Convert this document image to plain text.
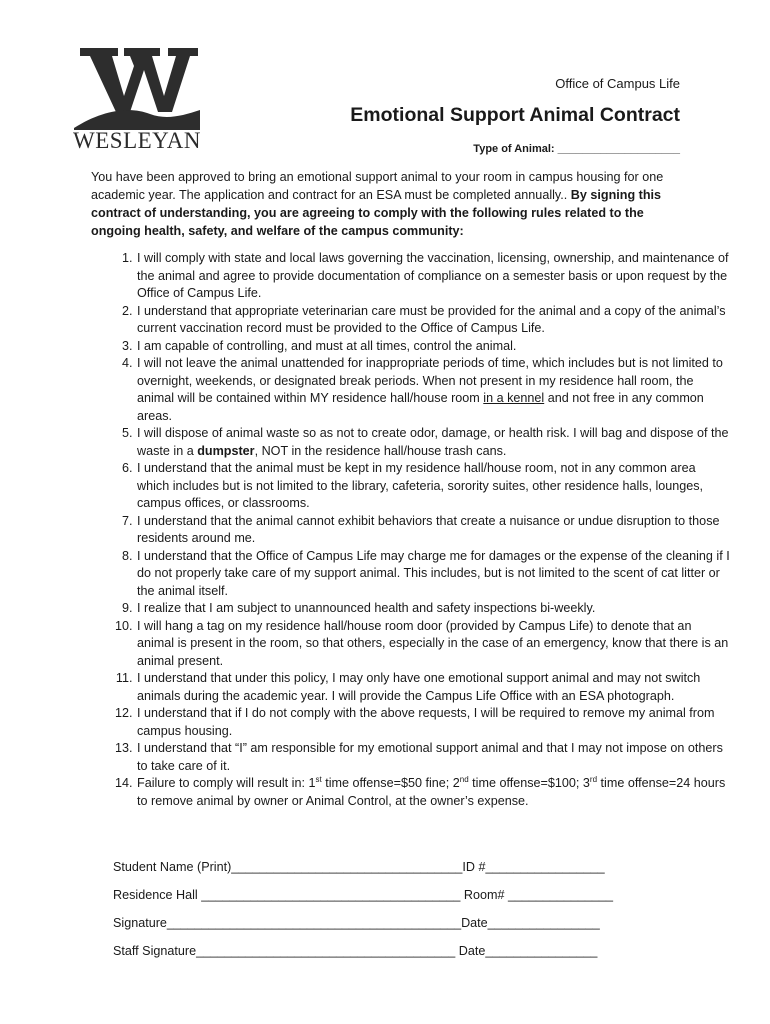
WESLEYAN
Office of Campus Life
Emotional Support Animal Contract
Type of Animal: ____________________
You have been approved to bring an emotional support animal to your room in campus housing for one academic year. The application and contract for an ESA must be completed annually.. By signing this contract of understanding, you are agreeing to comply with the following rules related to the ongoing health, safety, and welfare of the campus community:
1. I will comply with state and local laws governing the vaccination, licensing, ownership, and maintenance of the animal and agree to provide documentation of compliance on a semester basis or upon request by the Office of Campus Life.
2. I understand that appropriate veterinarian care must be provided for the animal and a copy of the animal’s current vaccination record must be provided to the Office of Campus Life.
3. I am capable of controlling, and must at all times, control the animal.
4. I will not leave the animal unattended for inappropriate periods of time, which includes but is not limited to overnight, weekends, or designated break periods. When not present in my residence hall room, the animal will be contained within MY residence hall/house room in a kennel and not free in any common areas.
5. I will dispose of animal waste so as not to create odor, damage, or health risk. I will bag and dispose of the waste in a dumpster, NOT in the residence hall/house trash cans.
6. I understand that the animal must be kept in my residence hall/house room, not in any common area which includes but is not limited to the library, cafeteria, sorority suites, other residence halls, lounges, campus offices, or classrooms.
7. I understand that the animal cannot exhibit behaviors that create a nuisance or undue disruption to those residents around me.
8. I understand that the Office of Campus Life may charge me for damages or the expense of the cleaning if I do not properly take care of my support animal. This includes, but is not limited to the scent of cat litter or the animal itself.
9. I realize that I am subject to unannounced health and safety inspections bi-weekly.
10. I will hang a tag on my residence hall/house room door (provided by Campus Life) to denote that an animal is present in the room, so that others, especially in the case of an emergency, know that there is an animal present.
11. I understand that under this policy, I may only have one emotional support animal and may not switch animals during the academic year. I will provide the Campus Life Office with an ESA photograph.
12. I understand that if I do not comply with the above requests, I will be required to remove my animal from campus housing.
13. I understand that “I” am responsible for my emotional support animal and that I may not impose on others to take care of it.
14. Failure to comply will result in: 1st time offense=$50 fine; 2nd time offense=$100; 3rd time offense=24 hours to remove animal by owner or Animal Control, at the owner’s expense.
Student Name (Print)_________________________________ID #_________________
Residence Hall _____________________________________ Room# _______________
Signature__________________________________________Date________________
Staff Signature_____________________________________ Date________________
